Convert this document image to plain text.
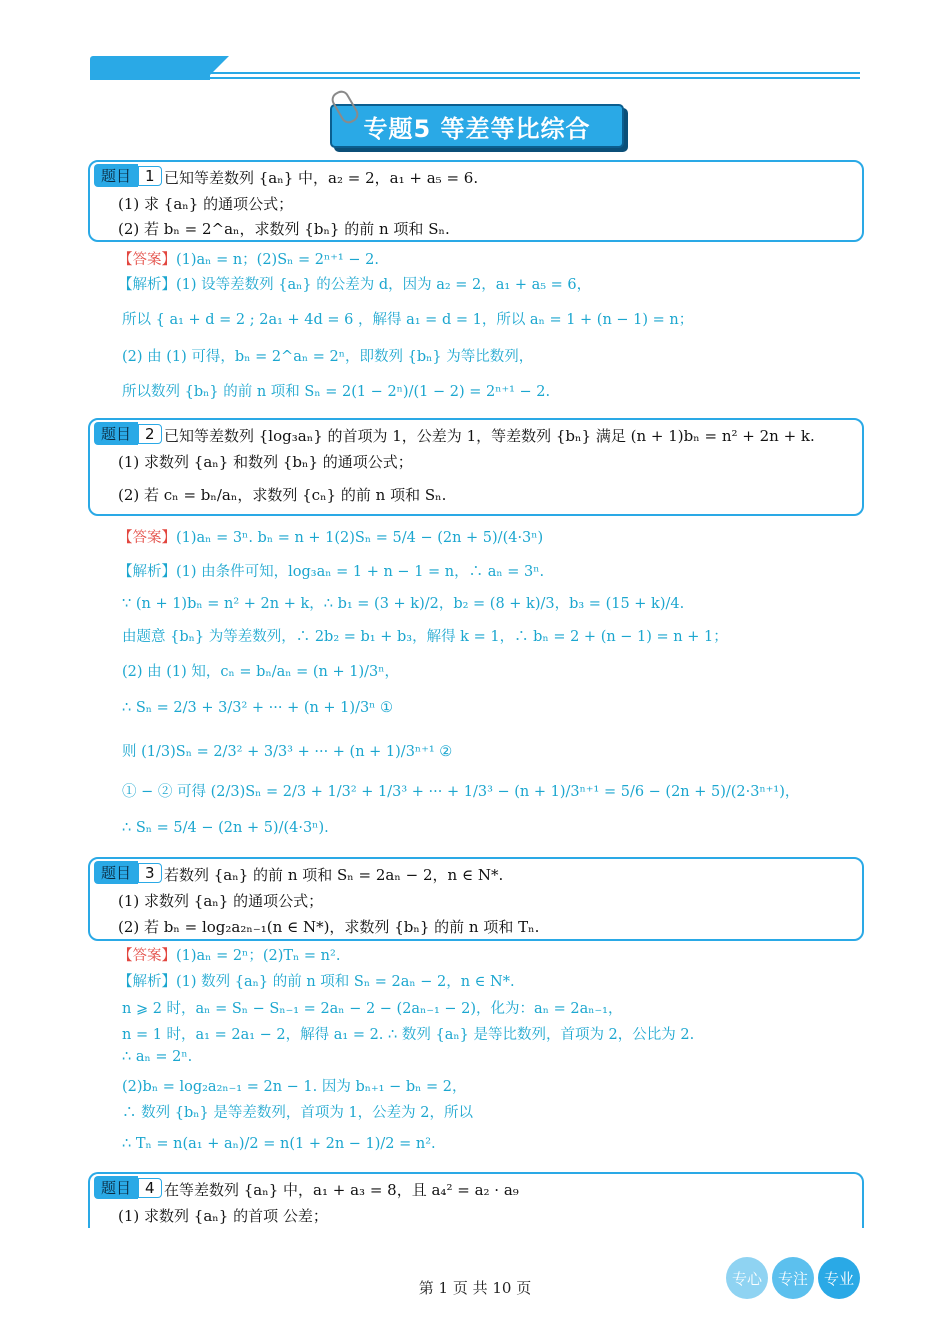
专题5 等差等比综合
题目 1 已知等差数列 {aₙ} 中，a₂ = 2，a₁ + a₅ = 6.
(1) 求 {aₙ} 的通项公式；
(2) 若 bₙ = 2^aₙ，求数列 {bₙ} 的前 n 项和 Sₙ.
【答案】(1)aₙ = n；(2)Sₙ = 2ⁿ⁺¹ − 2.
【解析】(1) 设等差数列 {aₙ} 的公差为 d，因为 a₂ = 2，a₁ + a₅ = 6，
所以 { a₁ + d = 2 ; 2a₁ + 4d = 6 ，解得 a₁ = d = 1，所以 aₙ = 1 + (n − 1) = n；
(2) 由 (1) 可得，bₙ = 2^aₙ = 2ⁿ，即数列 {bₙ} 为等比数列，
所以数列 {bₙ} 的前 n 项和 Sₙ = 2(1 − 2ⁿ)/(1 − 2) = 2ⁿ⁺¹ − 2.
题目 2 已知等差数列 {log₃aₙ} 的首项为 1，公差为 1，等差数列 {bₙ} 满足 (n + 1)bₙ = n² + 2n + k.
(1) 求数列 {aₙ} 和数列 {bₙ} 的通项公式；
(2) 若 cₙ = bₙ/aₙ，求数列 {cₙ} 的前 n 项和 Sₙ.
【答案】(1)aₙ = 3ⁿ. bₙ = n + 1(2)Sₙ = 5/4 − (2n + 5)/(4·3ⁿ)
【解析】(1) 由条件可知，log₃aₙ = 1 + n − 1 = n，∴ aₙ = 3ⁿ.
∵ (n + 1)bₙ = n² + 2n + k，∴ b₁ = (3 + k)/2，b₂ = (8 + k)/3，b₃ = (15 + k)/4.
由题意 {bₙ} 为等差数列，∴ 2b₂ = b₁ + b₃，解得 k = 1，∴ bₙ = 2 + (n − 1) = n + 1；
(2) 由 (1) 知，cₙ = bₙ/aₙ = (n + 1)/3ⁿ，
∴ Sₙ = 2/3 + 3/3² + ··· + (n + 1)/3ⁿ ①
则 (1/3)Sₙ = 2/3² + 3/3³ + ··· + (n + 1)/3ⁿ⁺¹ ②
① − ② 可得 (2/3)Sₙ = 2/3 + 1/3² + 1/3³ + ··· + 1/3³ − (n + 1)/3ⁿ⁺¹ = 5/6 − (2n + 5)/(2·3ⁿ⁺¹)，
∴ Sₙ = 5/4 − (2n + 5)/(4·3ⁿ).
题目 3 若数列 {aₙ} 的前 n 项和 Sₙ = 2aₙ − 2，n ∈ N*.
(1) 求数列 {aₙ} 的通项公式；
(2) 若 bₙ = log₂a₂ₙ₋₁(n ∈ N*)，求数列 {bₙ} 的前 n 项和 Tₙ.
【答案】(1)aₙ = 2ⁿ；(2)Tₙ = n².
【解析】(1) 数列 {aₙ} 的前 n 项和 Sₙ = 2aₙ − 2，n ∈ N*.
n ⩾ 2 时，aₙ = Sₙ − Sₙ₋₁ = 2aₙ − 2 − (2aₙ₋₁ − 2)，化为：aₙ = 2aₙ₋₁，
n = 1 时，a₁ = 2a₁ − 2，解得 a₁ = 2. ∴ 数列 {aₙ} 是等比数列，首项为 2，公比为 2.
∴ aₙ = 2ⁿ.
(2)bₙ = log₂a₂ₙ₋₁ = 2n − 1. 因为 bₙ₊₁ − bₙ = 2，
∴ 数列 {bₙ} 是等差数列，首项为 1，公差为 2，所以
∴ Tₙ = n(a₁ + aₙ)/2 = n(1 + 2n − 1)/2 = n².
题目 4 在等差数列 {aₙ} 中，a₁ + a₃ = 8，且 a₄² = a₂ · a₉
(1) 求数列 {aₙ} 的首项 公差；
第 1 页 共 10 页
专心	专注	专业
